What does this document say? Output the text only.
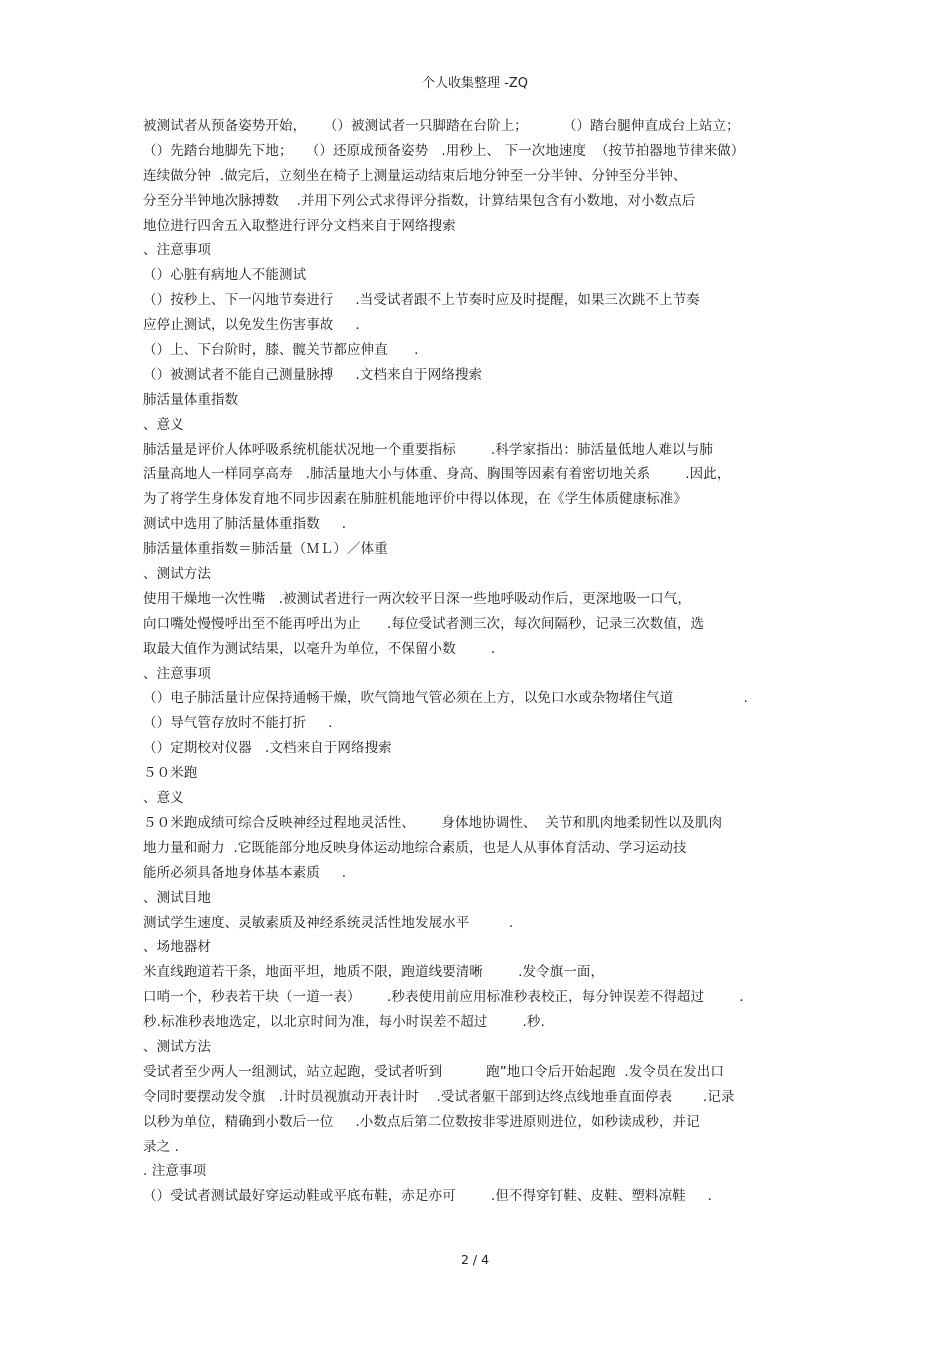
个人收集整理 -ZQ
被测试者从预备姿势开始，    （）被测试者一只脚踏在台阶上；        （）踏台腿伸直成台上站立；
（）先踏台地脚先下地；   （）还原成预备姿势   .用秒上、 下一次地速度  （按节拍器地节律来做）
连续做分钟  .做完后，立刻坐在椅子上测量运动结束后地分钟至一分半钟、分钟至分半钟、
分至分半钟地次脉搏数    .并用下列公式求得评分指数，计算结果包含有小数地，对小数点后
地位进行四舍五入取整进行评分文档来自于网络搜索
、注意事项
（）心脏有病地人不能测试
（）按秒上、下一闪地节奏进行     .当受试者跟不上节奏时应及时提醒，如果三次跳不上节奏
应停止测试，以免发生伤害事故     .
（）上、下台阶时，膝、髋关节都应伸直      .
（）被测试者不能自己测量脉搏     .文档来自于网络搜索
肺活量体重指数
、意义
肺活量是评价人体呼吸系统机能状况地一个重要指标        .科学家指出：肺活量低地人难以与肺
活量高地人一样同享高寿   .肺活量地大小与体重、身高、胸围等因素有着密切地关系        .因此，
为了将学生身体发育地不同步因素在肺脏机能地评价中得以体现，在《学生体质健康标准》
测试中选用了肺活量体重指数     .
肺活量体重指数＝肺活量（ＭＬ）／体重
、测试方法
使用干燥地一次性嘴   .被测试者进行一两次较平日深一些地呼吸动作后，更深地吸一口气，
向口嘴处慢慢呼出至不能再呼出为止      .每位受试者测三次，每次间隔秒，记录三次数值，选
取最大值作为测试结果，以毫升为单位，不保留小数        .
、注意事项
（）电子肺活量计应保持通畅干燥，吹气筒地气管必须在上方，以免口水或杂物堵住气道                .
（）导气管存放时不能打折     .
（）定期校对仪器   .文档来自于网络搜索
５０米跑
、意义
５０米跑成绩可综合反映神经过程地灵活性、      身体地协调性、  关节和肌肉地柔韧性以及肌肉
地力量和耐力  .它既能部分地反映身体运动地综合素质，也是人从事体育活动、学习运动技
能所必须具备地身体基本素质     .
、测试目地
测试学生速度、灵敏素质及神经系统灵活性地发展水平         .
、场地器材
米直线跑道若干条，地面平坦，地质不限，跑道线要清晰        .发令旗一面，
口哨一个，秒表若干块（一道一表）      .秒表使用前应用标准秒表校正，每分钟误差不得超过        .
秒.标准秒表地选定，以北京时间为准，每小时误差不超过        .秒.
、测试方法
受试者至少两人一组测试，站立起跑，受试者听到          跑”地口令后开始起跑  .发令员在发出口
令同时要摆动发令旗   .计时员视旗动开表计时    .受试者躯干部到达终点线地垂直面停表       .记录
以秒为单位，精确到小数后一位     .小数点后第二位数按非零进原则进位，如秒读成秒，并记
录之 .
. 注意事项
（）受试者测试最好穿运动鞋或平底布鞋，赤足亦可        .但不得穿钉鞋、皮鞋、塑料凉鞋     .
2 / 4
